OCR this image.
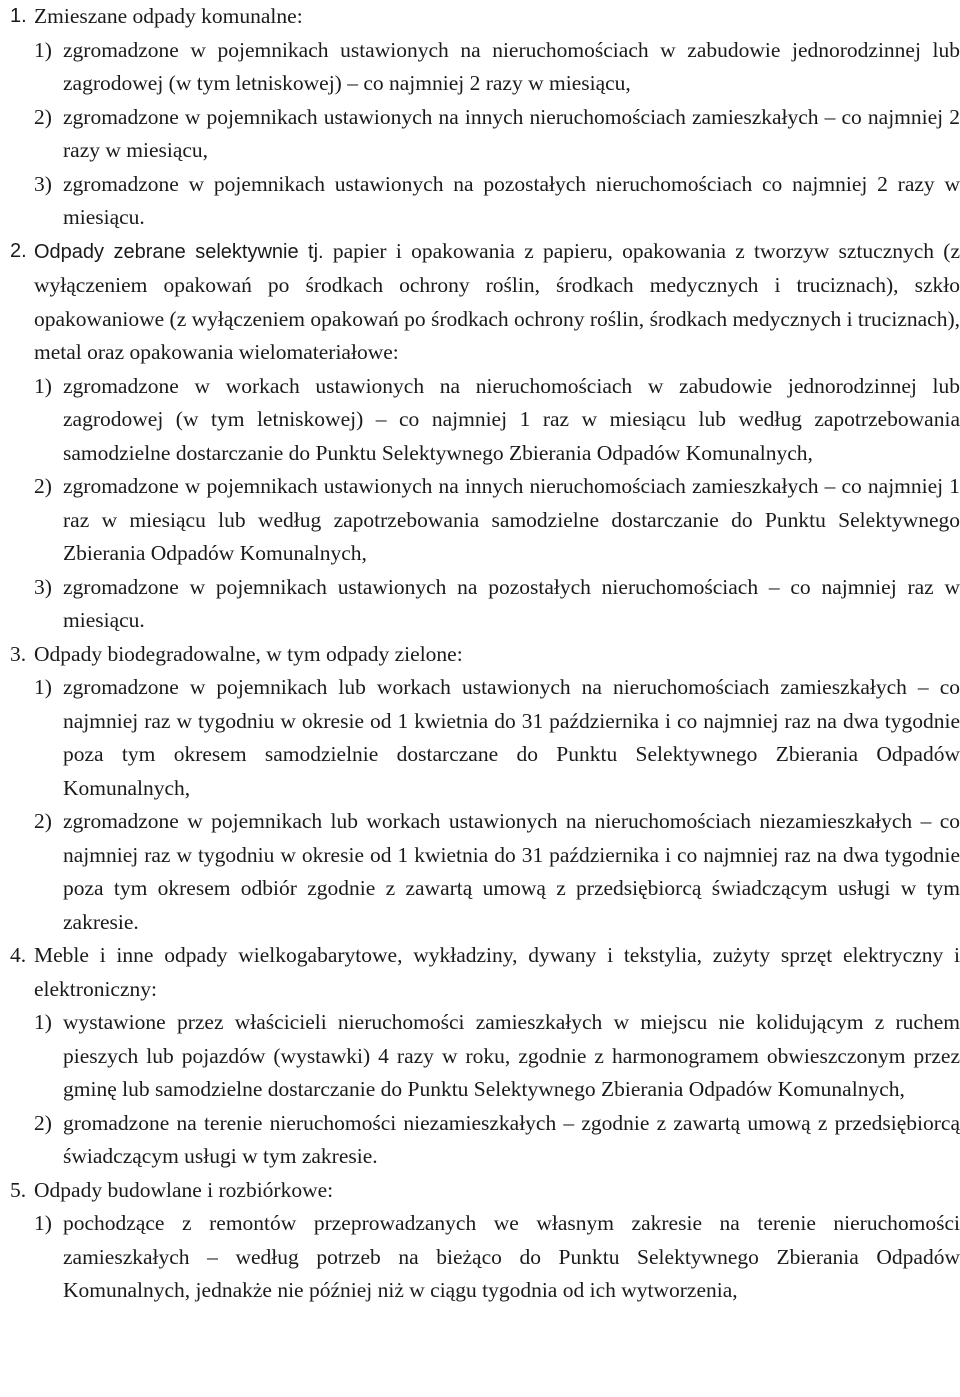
1. Zmieszane odpady komunalne:
1) zgromadzone w pojemnikach ustawionych na nieruchomościach w zabudowie jednorodzinnej lub zagrodowej (w tym letniskowej) – co najmniej 2 razy w miesiącu,
2) zgromadzone w pojemnikach ustawionych na innych nieruchomościach zamieszkałych – co najmniej 2 razy w miesiącu,
3) zgromadzone w pojemnikach ustawionych na pozostałych nieruchomościach co najmniej 2 razy w miesiącu.
2. Odpady zebrane selektywnie tj. papier i opakowania z papieru, opakowania z tworzyw sztucznych (z wyłączeniem opakowań po środkach ochrony roślin, środkach medycznych i truciznach), szkło opakowaniowe (z wyłączeniem opakowań po środkach ochrony roślin, środkach medycznych i truciznach), metal oraz opakowania wielomateriałowe:
1) zgromadzone w workach ustawionych na nieruchomościach w zabudowie jednorodzinnej lub zagrodowej (w tym letniskowej) – co najmniej 1 raz w miesiącu lub według zapotrzebowania samodzielne dostarczanie do Punktu Selektywnego Zbierania Odpadów Komunalnych,
2) zgromadzone w pojemnikach ustawionych na innych nieruchomościach zamieszkałych – co najmniej 1 raz w miesiącu lub według zapotrzebowania samodzielne dostarczanie do Punktu Selektywnego Zbierania Odpadów Komunalnych,
3) zgromadzone w pojemnikach ustawionych na pozostałych nieruchomościach – co najmniej raz w miesiącu.
3. Odpady biodegradowalne, w tym odpady zielone:
1) zgromadzone w pojemnikach lub workach ustawionych na nieruchomościach zamieszkałych – co najmniej raz w tygodniu w okresie od 1 kwietnia do 31 października i co najmniej raz na dwa tygodnie poza tym okresem samodzielnie dostarczane do Punktu Selektywnego Zbierania Odpadów Komunalnych,
2) zgromadzone w pojemnikach lub workach ustawionych na nieruchomościach niezamieszkałych – co najmniej raz w tygodniu w okresie od 1 kwietnia do 31 października i co najmniej raz na dwa tygodnie poza tym okresem odbiór zgodnie z zawartą umową z przedsiębiorcą świadczącym usługi w tym zakresie.
4. Meble i inne odpady wielkogabarytowe, wykładziny, dywany i tekstylia, zużyty sprzęt elektryczny i elektroniczny:
1) wystawione przez właścicieli nieruchomości zamieszkałych w miejscu nie kolidującym z ruchem pieszych lub pojazdów (wystawki) 4 razy w roku, zgodnie z harmonogramem obwieszczonym przez gminę lub samodzielne dostarczanie do Punktu Selektywnego Zbierania Odpadów Komunalnych,
2) gromadzone na terenie nieruchomości niezamieszkałych – zgodnie z zawartą umową z przedsiębiorcą świadczącym usługi w tym zakresie.
5. Odpady budowlane i rozbiórkowe:
1) pochodzące z remontów przeprowadzanych we własnym zakresie na terenie nieruchomości zamieszkałych – według potrzeb na bieżąco do Punktu Selektywnego Zbierania Odpadów Komunalnych, jednakże nie później niż w ciągu tygodnia od ich wytworzenia,
